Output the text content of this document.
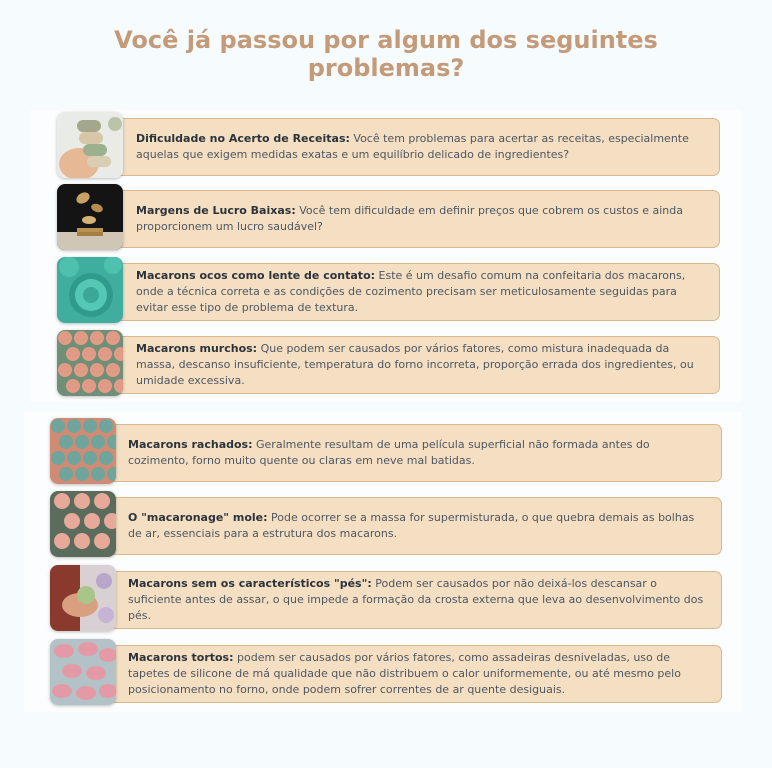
Você já passou por algum dos seguintes
problemas?

Dificuldade no Acerto de Receitas: Você tem problemas para acertar as receitas, especialmente aquelas que exigem medidas exatas e um equilíbrio delicado de ingredientes?

Margens de Lucro Baixas: Você tem dificuldade em definir preços que cobrem os custos e ainda proporcionem um lucro saudável?

Macarons ocos como lente de contato: Este é um desafio comum na confeitaria dos macarons, onde a técnica correta e as condições de cozimento precisam ser meticulosamente seguidas para evitar esse tipo de problema de textura.

Macarons murchos: Que podem ser causados por vários fatores, como mistura inadequada da massa, descanso insuficiente, temperatura do forno incorreta, proporção errada dos ingredientes, ou umidade excessiva.

Macarons rachados: Geralmente resultam de uma película superficial não formada antes do cozimento, forno muito quente ou claras em neve mal batidas.

O "macaronage" mole: Pode ocorrer se a massa for supermisturada, o que quebra demais as bolhas de ar, essenciais para a estrutura dos macarons.

Macarons sem os característicos "pés": Podem ser causados por não deixá-los descansar o suficiente antes de assar, o que impede a formação da crosta externa que leva ao desenvolvimento dos pés.

Macarons tortos: podem ser causados por vários fatores, como assadeiras desniveladas, uso de tapetes de silicone de má qualidade que não distribuem o calor uniformemente, ou até mesmo pelo posicionamento no forno, onde podem sofrer correntes de ar quente desiguais.
